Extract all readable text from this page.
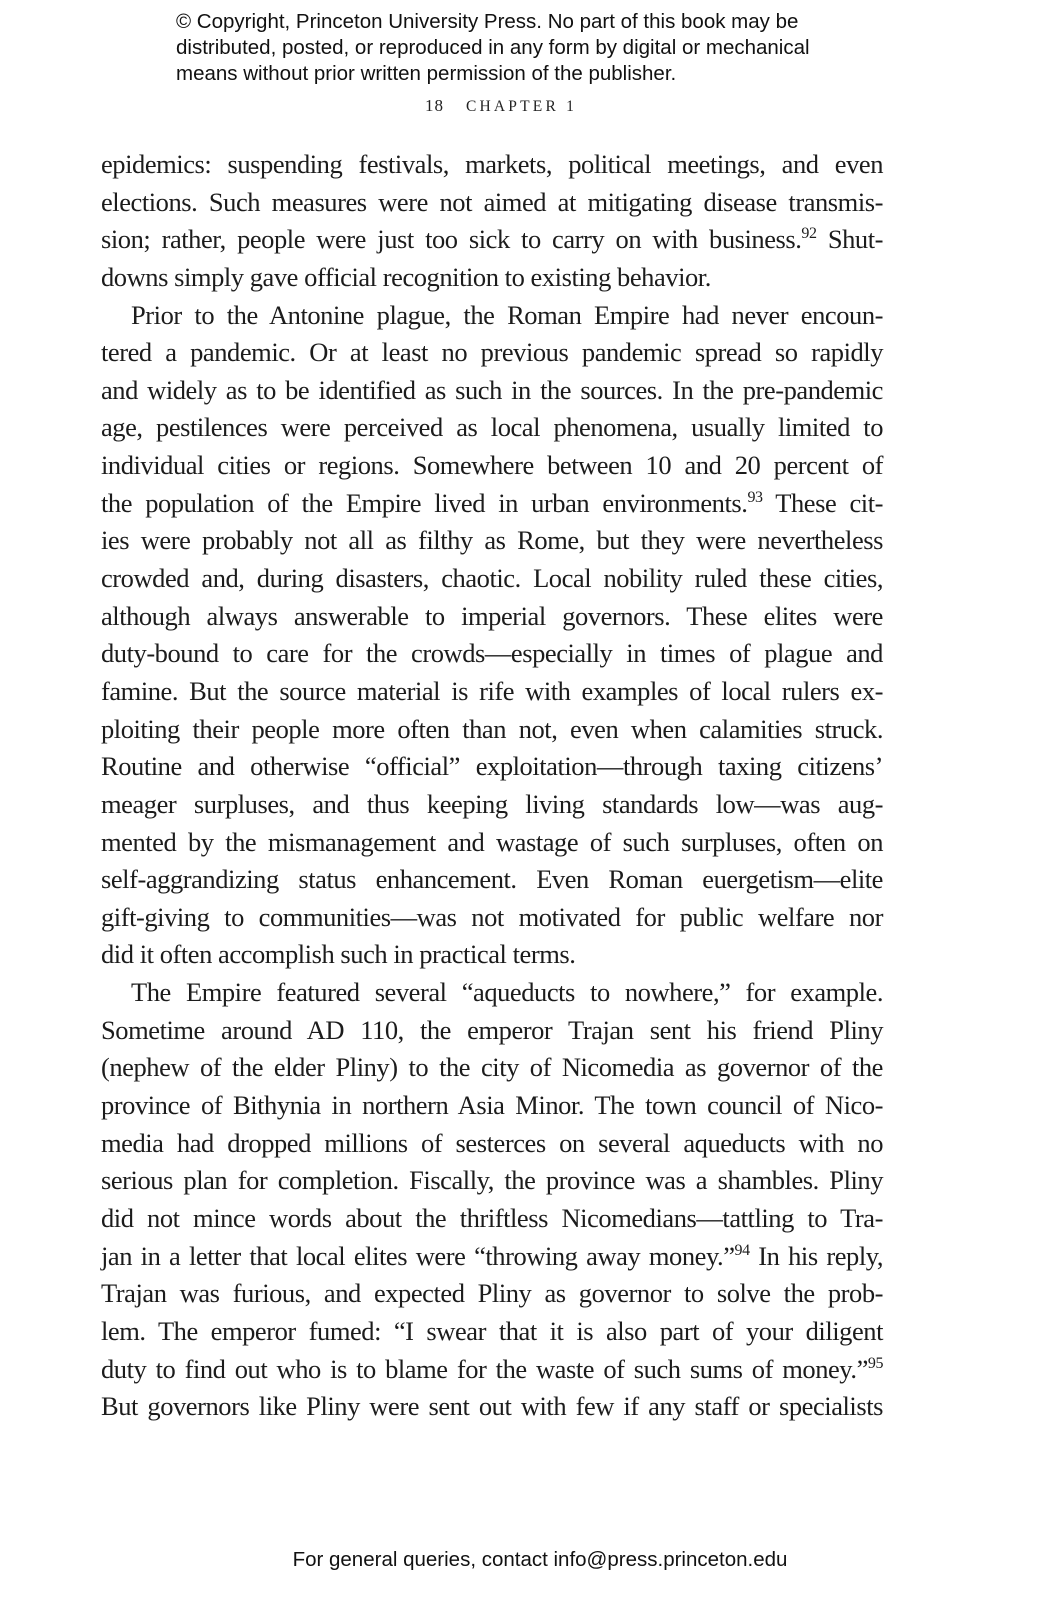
© Copyright, Princeton University Press. No part of this book may be
distributed, posted, or reproduced in any form by digital or mechanical
means without prior written permission of the publisher.
18 CHAPTER 1
epidemics: suspending festivals, markets, political meetings, and even
elections. Such measures were not aimed at mitigating disease transmis-
sion; rather, people were just too sick to carry on with business.$^{92}$ Shut-
downs simply gave official recognition to existing behavior.
Prior to the Antonine plague, the Roman Empire had never encoun-
tered a pandemic. Or at least no previous pandemic spread so rapidly
and widely as to be identified as such in the sources. In the pre-pandemic
age, pestilences were perceived as local phenomena, usually limited to
individual cities or regions. Somewhere between 10 and 20 percent of
the population of the Empire lived in urban environments.$^{93}$ These cit-
ies were probably not all as filthy as Rome, but they were nevertheless
crowded and, during disasters, chaotic. Local nobility ruled these cities,
although always answerable to imperial governors. These elites were
duty-bound to care for the crowds—especially in times of plague and
famine. But the source material is rife with examples of local rulers ex-
ploiting their people more often than not, even when calamities struck.
Routine and otherwise “official” exploitation—through taxing citizens’
meager surpluses, and thus keeping living standards low—was aug-
mented by the mismanagement and wastage of such surpluses, often on
self-aggrandizing status enhancement. Even Roman euergetism—elite
gift-giving to communities—was not motivated for public welfare nor
did it often accomplish such in practical terms.
The Empire featured several “aqueducts to nowhere,” for example.
Sometime around AD 110, the emperor Trajan sent his friend Pliny
(nephew of the elder Pliny) to the city of Nicomedia as governor of the
province of Bithynia in northern Asia Minor. The town council of Nico-
media had dropped millions of sesterces on several aqueducts with no
serious plan for completion. Fiscally, the province was a shambles. Pliny
did not mince words about the thriftless Nicomedians—tattling to Tra-
jan in a letter that local elites were “throwing away money.”$^{94}$ In his reply,
Trajan was furious, and expected Pliny as governor to solve the prob-
lem. The emperor fumed: “I swear that it is also part of your diligent
duty to find out who is to blame for the waste of such sums of money.”$^{95}$
But governors like Pliny were sent out with few if any staff or specialists
For general queries, contact info@press.princeton.edu
